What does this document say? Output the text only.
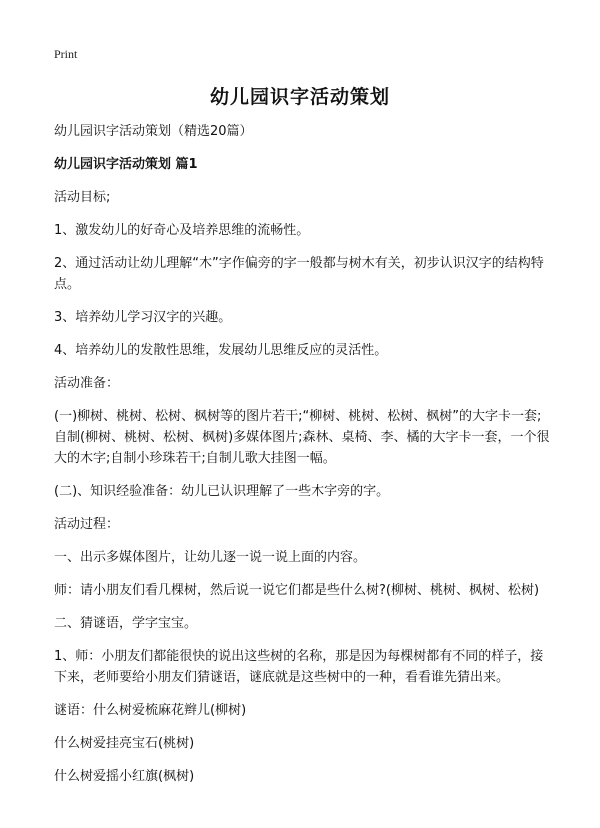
Print
幼儿园识字活动策划

幼儿园识字活动策划（精选20篇）

幼儿园识字活动策划 篇1

活动目标;

1、激发幼儿的好奇心及培养思维的流畅性。

2、通过活动让幼儿理解“木”字作偏旁的字一般都与树木有关，初步认识汉字的结构特点。

3、培养幼儿学习汉字的兴趣。

4、培养幼儿的发散性思维，发展幼儿思维反应的灵活性。

活动准备：

(一)柳树、桃树、松树、枫树等的图片若干;“柳树、桃树、松树、枫树”的大字卡一套;自制(柳树、桃树、松树、枫树)多媒体图片;森林、桌椅、李、橘的大字卡一套，一个很大的木字;自制小珍珠若干;自制儿歌大挂图一幅。

(二)、知识经验准备：幼儿已认识理解了一些木字旁的字。

活动过程：

一、出示多媒体图片，让幼儿逐一说一说上面的内容。

师：请小朋友们看几棵树，然后说一说它们都是些什么树?(柳树、桃树、枫树、松树)

二、猜谜语，学字宝宝。

1、师：小朋友们都能很快的说出这些树的名称，那是因为每棵树都有不同的样子，接下来，老师要给小朋友们猜谜语，谜底就是这些树中的一种，看看谁先猜出来。

谜语：什么树爱梳麻花辫儿(柳树)

什么树爱挂亮宝石(桃树)

什么树爱摇小红旗(枫树)
